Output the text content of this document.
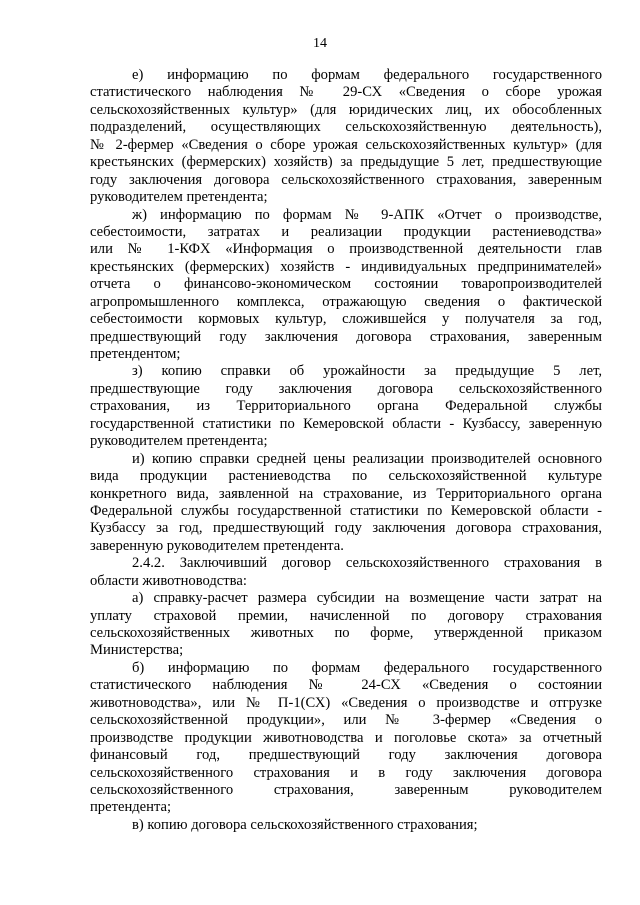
14

е) информацию по формам федерального государственного
статистического наблюдения № 29-СХ «Сведения о сборе урожая
сельскохозяйственных культур» (для юридических лиц, их обособленных
подразделений, осуществляющих сельскохозяйственную деятельность),
№ 2-фермер «Сведения о сборе урожая сельскохозяйственных культур» (для
крестьянских (фермерских) хозяйств) за предыдущие 5 лет, предшествующие
году заключения договора сельскохозяйственного страхования, заверенным
руководителем претендента;

ж) информацию по формам № 9-АПК «Отчет о производстве,
себестоимости, затратах и реализации продукции растениеводства»
или № 1-КФХ «Информация о производственной деятельности глав
крестьянских (фермерских) хозяйств - индивидуальных предпринимателей»
отчета о финансово-экономическом состоянии товаропроизводителей
агропромышленного комплекса, отражающую сведения о фактической
себестоимости кормовых культур, сложившейся у получателя за год,
предшествующий году заключения договора страхования, заверенным
претендентом;

з) копию справки об урожайности за предыдущие 5 лет,
предшествующие году заключения договора сельскохозяйственного
страхования, из Территориального органа Федеральной службы
государственной статистики по Кемеровской области - Кузбассу, заверенную
руководителем претендента;

и) копию справки средней цены реализации производителей основного
вида продукции растениеводства по сельскохозяйственной культуре
конкретного вида, заявленной на страхование, из Территориального органа
Федеральной службы государственной статистики по Кемеровской области -
Кузбассу за год, предшествующий году заключения договора страхования,
заверенную руководителем претендента.

2.4.2. Заключивший договор сельскохозяйственного страхования в
области животноводства:

а) справку-расчет размера субсидии на возмещение части затрат на
уплату страховой премии, начисленной по договору страхования
сельскохозяйственных животных по форме, утвержденной приказом
Министерства;

б) информацию по формам федерального государственного
статистического наблюдения № 24-СХ «Сведения о состоянии
животноводства», или № П-1(СХ) «Сведения о производстве и отгрузке
сельскохозяйственной продукции», или № 3-фермер «Сведения о
производстве продукции животноводства и поголовье скота» за отчетный
финансовый год, предшествующий году заключения договора
сельскохозяйственного страхования и в году заключения договора
сельскохозяйственного страхования, заверенным руководителем
претендента;

в) копию договора сельскохозяйственного страхования;
